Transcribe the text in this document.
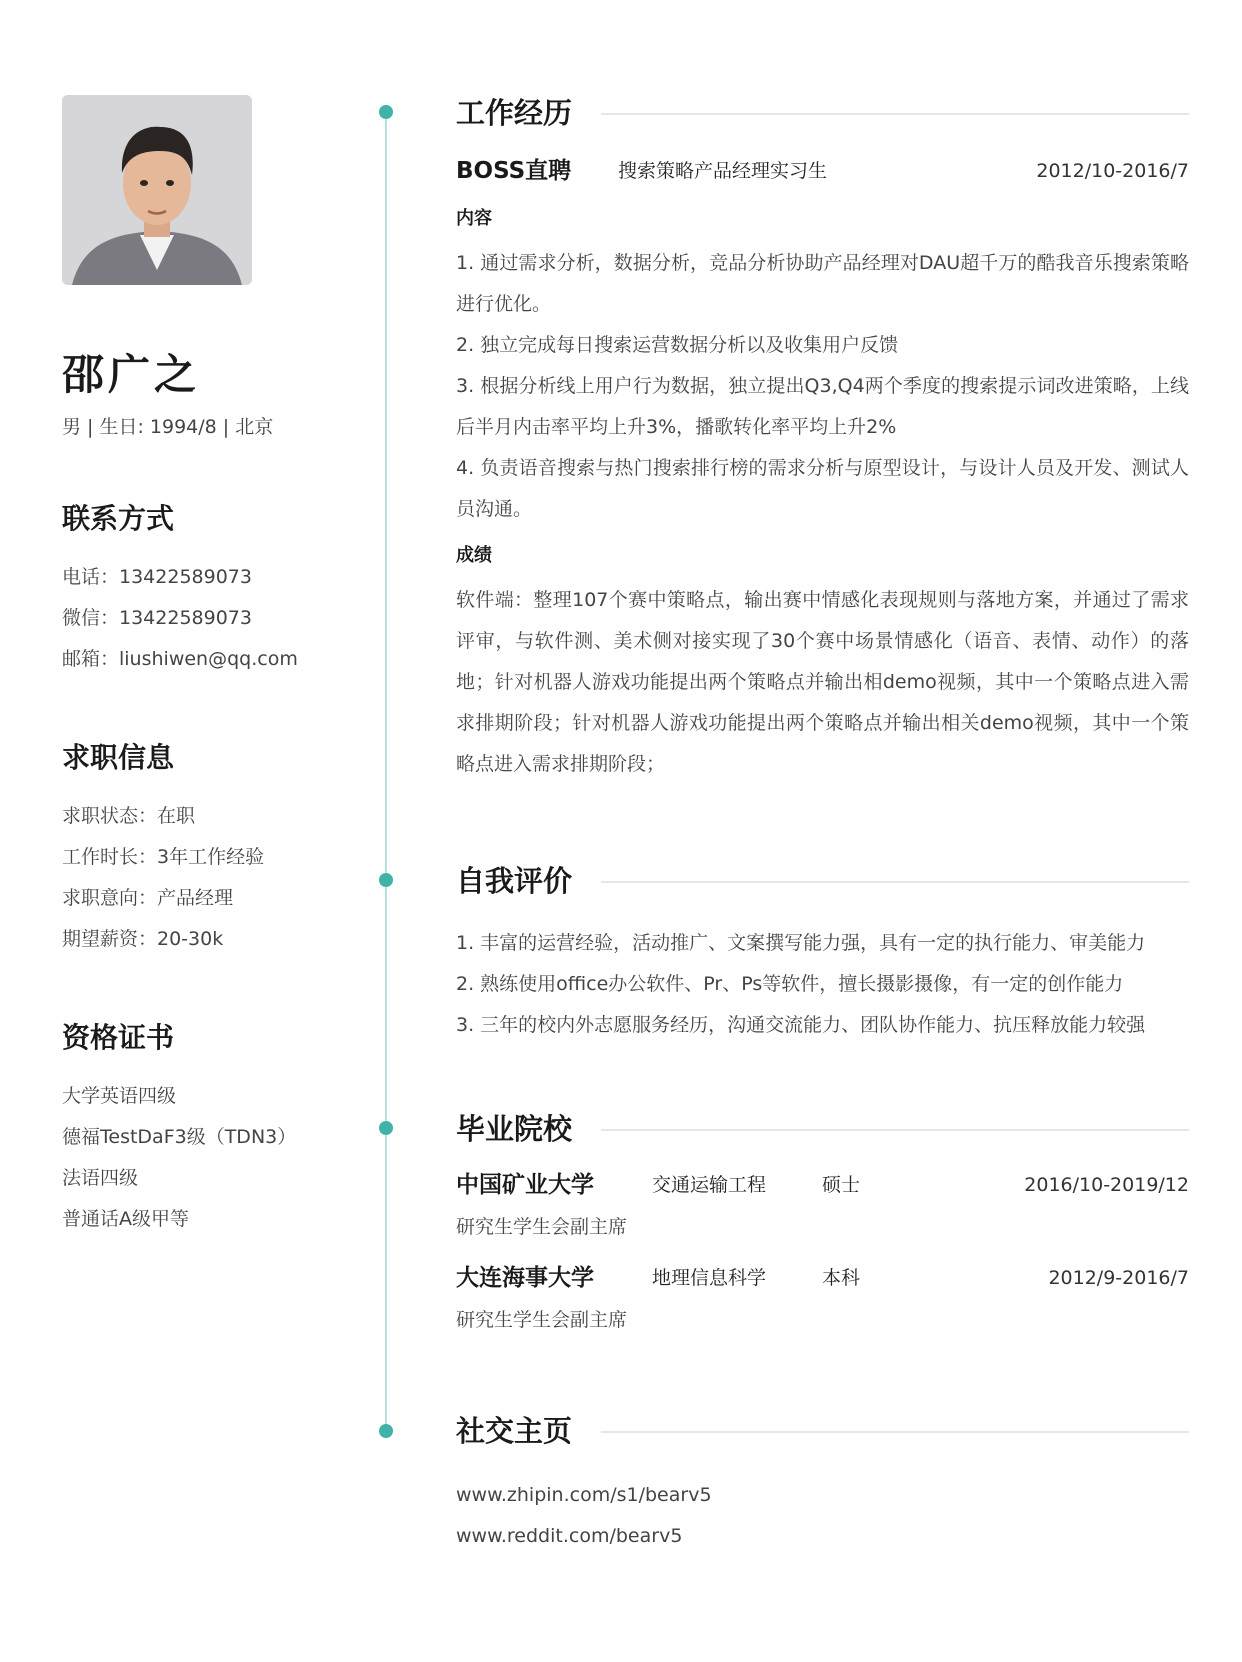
邵广之
男 | 生日: 1994/8 | 北京
联系方式
电话：13422589073
微信：13422589073
邮箱：liushiwen@qq.com
求职信息
求职状态：在职
工作时长：3年工作经验
求职意向：产品经理
期望薪资：20-30k
资格证书
大学英语四级
德福TestDaF3级（TDN3）
法语四级
普通话A级甲等
工作经历
BOSS直聘 搜索策略产品经理实习生	2012/10-2016/7
内容
1. 通过需求分析，数据分析，竞品分析协助产品经理对DAU超千万的酷我音乐搜索策略进行优化。
2. 独立完成每日搜索运营数据分析以及收集用户反馈
3. 根据分析线上用户行为数据，独立提出Q3,Q4两个季度的搜索提示词改进策略，上线后半月内击率平均上升3%，播歌转化率平均上升2%
4. 负责语音搜索与热门搜索排行榜的需求分析与原型设计，与设计人员及开发、测试人员沟通。
成绩
软件端：整理107个赛中策略点，输出赛中情感化表现规则与落地方案，并通过了需求评审，与软件测、美术侧对接实现了30个赛中场景情感化（语音、表情、动作）的落地；针对机器人游戏功能提出两个策略点并输出相demo视频，其中一个策略点进入需求排期阶段；针对机器人游戏功能提出两个策略点并输出相关demo视频，其中一个策略点进入需求排期阶段；
自我评价
1. 丰富的运营经验，活动推广、文案撰写能力强，具有一定的执行能力、审美能力
2. 熟练使用office办公软件、Pr、Ps等软件，擅长摄影摄像，有一定的创作能力
3. 三年的校内外志愿服务经历，沟通交流能力、团队协作能力、抗压释放能力较强
毕业院校
中国矿业大学	交通运输工程	硕士	2016/10-2019/12
研究生学生会副主席
大连海事大学	地理信息科学	本科	2012/9-2016/7
研究生学生会副主席
社交主页
www.zhipin.com/s1/bearv5
www.reddit.com/bearv5
